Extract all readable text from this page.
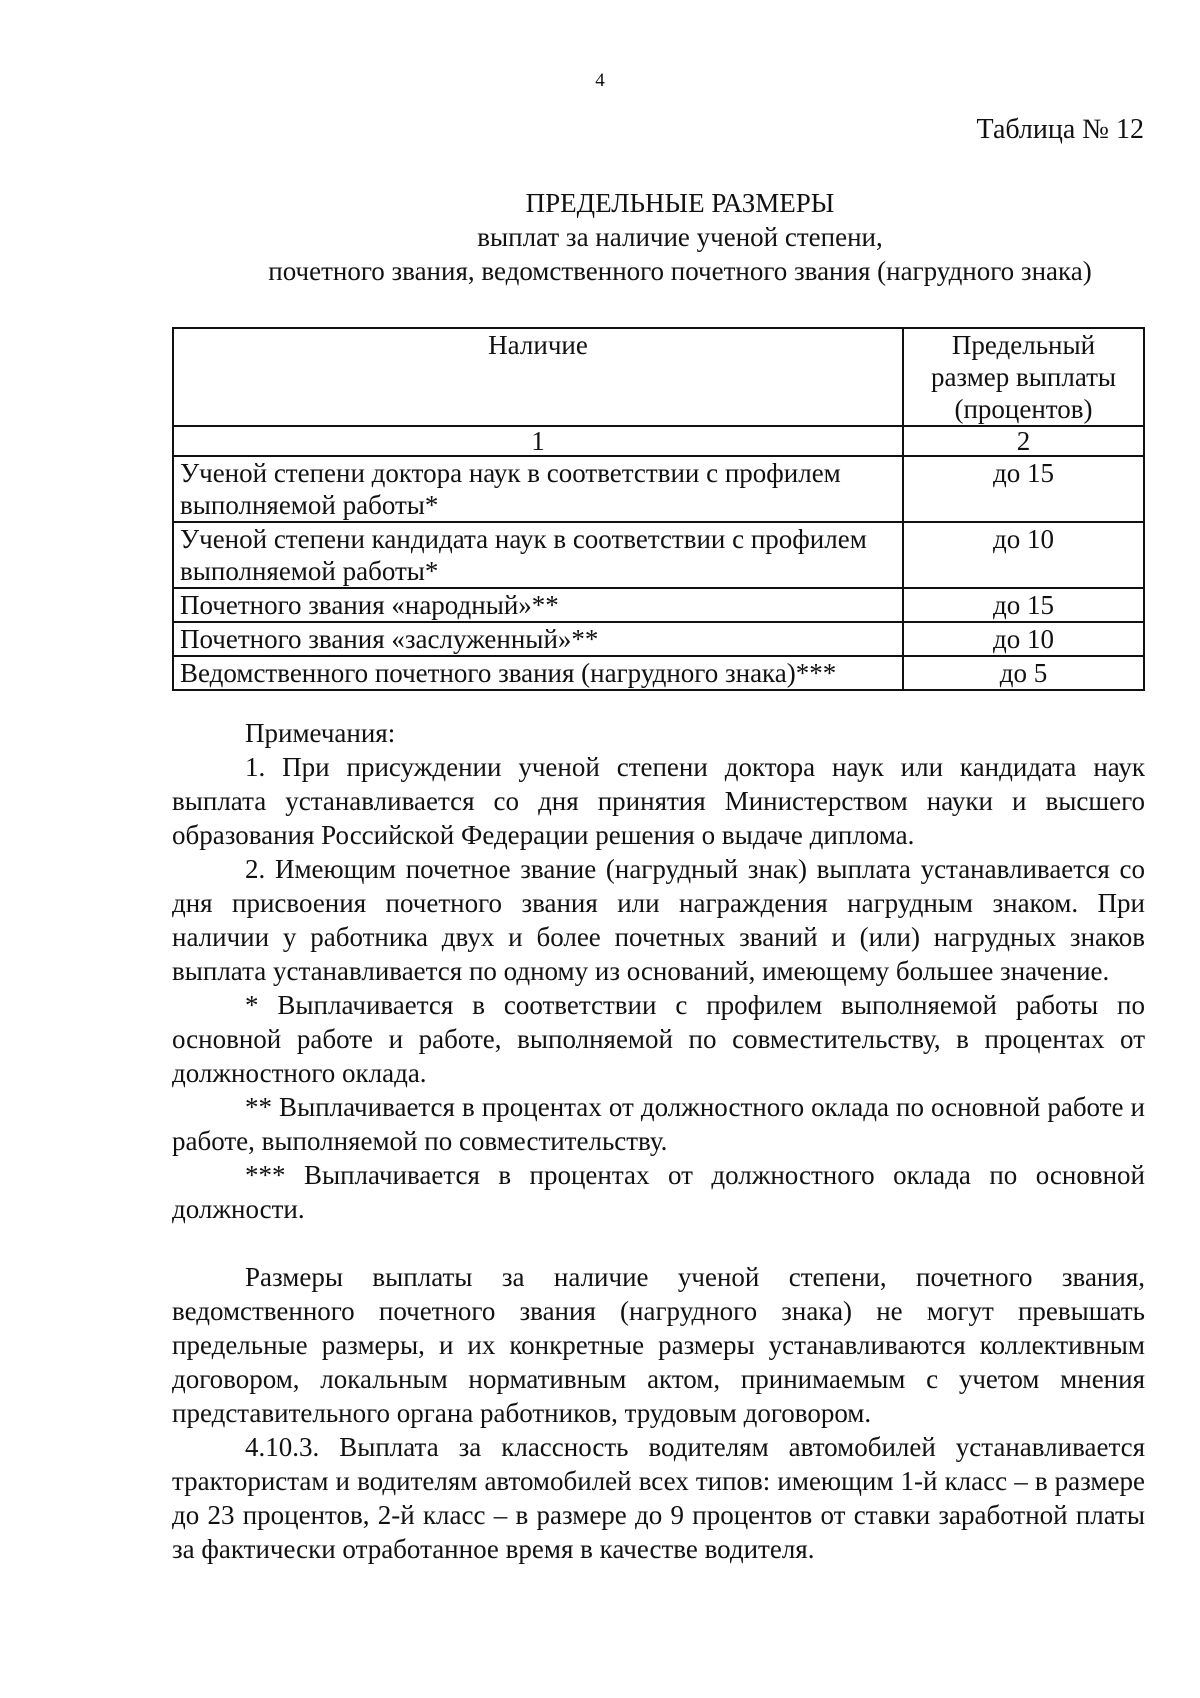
4
Таблица № 12
ПРЕДЕЛЬНЫЕ РАЗМЕРЫ
выплат за наличие ученой степени,
почетного звания, ведомственного почетного звания (нагрудного знака)
Наличие	Предельный размер выплаты (процентов)
1	2
Ученой степени доктора наук в соответствии с профилем выполняемой работы*	до 15
Ученой степени кандидата наук в соответствии с профилем выполняемой работы*	до 10
Почетного звания «народный»**	до 15
Почетного звания «заслуженный»**	до 10
Ведомственного почетного звания (нагрудного знака)***	до 5

Примечания:

1. При присуждении ученой степени доктора наук или кандидата наук выплата устанавливается со дня принятия Министерством науки и высшего образования Российской Федерации решения о выдаче диплома.

2. Имеющим почетное звание (нагрудный знак) выплата устанавливается со дня присвоения почетного звания или награждения нагрудным знаком. При наличии у работника двух и более почетных званий и (или) нагрудных знаков выплата устанавливается по одному из оснований, имеющему большее значение.

* Выплачивается в соответствии с профилем выполняемой работы по основной работе и работе, выполняемой по совместительству, в процентах от должностного оклада.

** Выплачивается в процентах от должностного оклада по основной работе и работе, выполняемой по совместительству.

*** Выплачивается в процентах от должностного оклада по основной должности.

Размеры выплаты за наличие ученой степени, почетного звания, ведомственного почетного звания (нагрудного знака) не могут превышать предельные размеры, и их конкретные размеры устанавливаются коллективным договором, локальным нормативным актом, принимаемым с учетом мнения представительного органа работников, трудовым договором.

4.10.3. Выплата за классность водителям автомобилей устанавливается трактористам и водителям автомобилей всех типов: имеющим 1-й класс – в размере до 23 процентов, 2-й класс – в размере до 9 процентов от ставки заработной платы за фактически отработанное время в качестве водителя.
